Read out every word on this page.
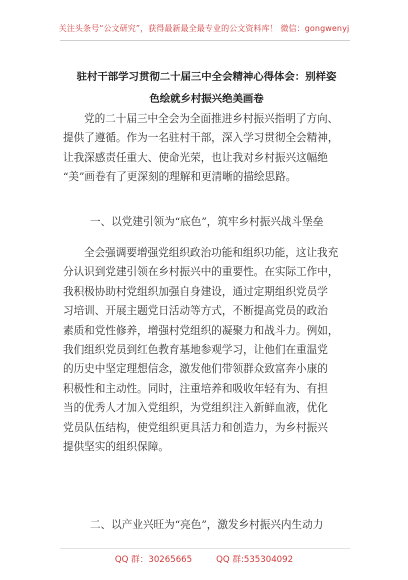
关注头条号“公文研究”，获得最新最全最专业的公文资料库！ 微信：gongwenyj
驻村干部学习贯彻二十届三中全会精神心得体会：别样姿
色绘就乡村振兴绝美画卷
党的二十届三中全会为全面推进乡村振兴指明了方向、
提供了遵循。作为一名驻村干部，深入学习贯彻全会精神，
让我深感责任重大、使命光荣，也让我对乡村振兴这幅绝
“美”画卷有了更深刻的理解和更清晰的描绘思路。
一、以党建引领为“底色”，筑牢乡村振兴战斗堡垒
全会强调要增强党组织政治功能和组织功能，这让我充
分认识到党建引领在乡村振兴中的重要性。在实际工作中，
我积极协助村党组织加强自身建设，通过定期组织党员学
习培训、开展主题党日活动等方式，不断提高党员的政治
素质和党性修养，增强村党组织的凝聚力和战斗力。例如，
我们组织党员到红色教育基地参观学习，让他们在重温党
的历史中坚定理想信念，激发他们带领群众致富奔小康的
积极性和主动性。同时，注重培养和吸收年轻有为、有担
当的优秀人才加入党组织，为党组织注入新鲜血液，优化
党员队伍结构，使党组织更具活力和创造力，为乡村振兴
提供坚实的组织保障。
二、以产业兴旺为“亮色”，激发乡村振兴内生动力
QQ 群：30265665	QQ 群:535304092
